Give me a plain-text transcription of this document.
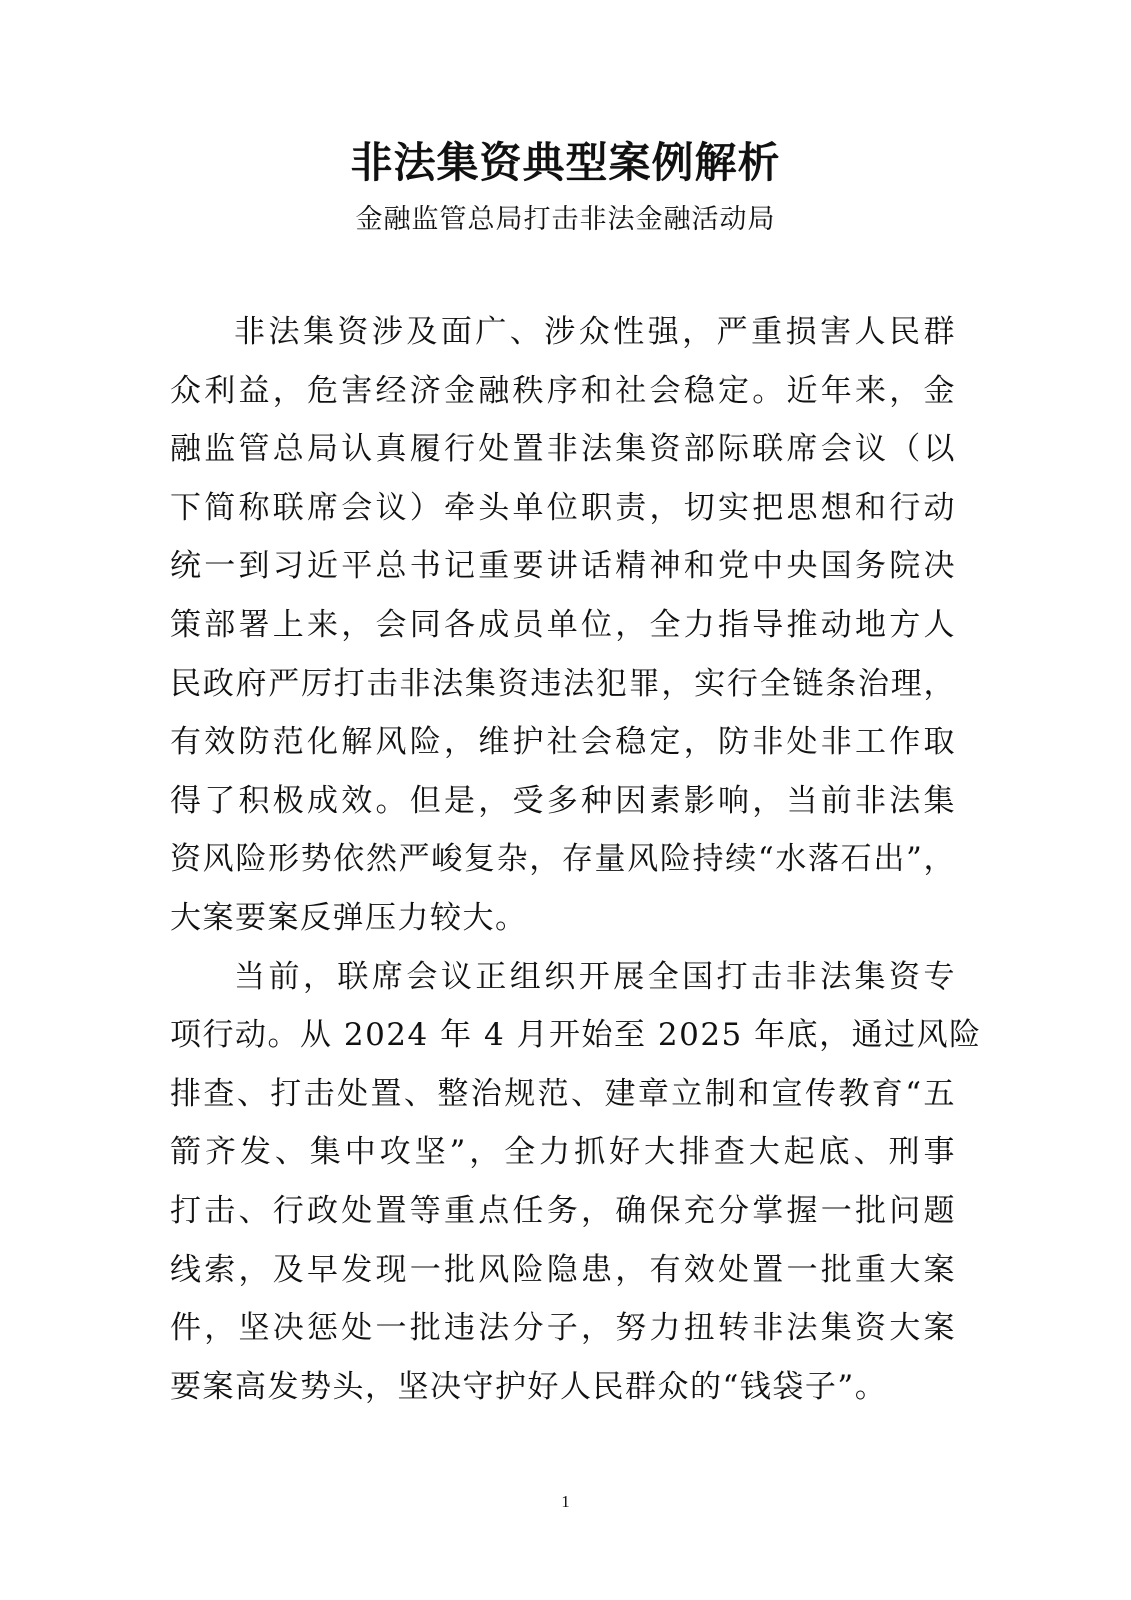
非法集资典型案例解析
金融监管总局打击非法金融活动局
非法集资涉及面广、涉众性强，严重损害人民群
众利益，危害经济金融秩序和社会稳定。近年来，金
融监管总局认真履行处置非法集资部际联席会议（以
下简称联席会议）牵头单位职责，切实把思想和行动
统一到习近平总书记重要讲话精神和党中央国务院决
策部署上来，会同各成员单位，全力指导推动地方人
民政府严厉打击非法集资违法犯罪，实行全链条治理，
有效防范化解风险，维护社会稳定，防非处非工作取
得了积极成效。但是，受多种因素影响，当前非法集
资风险形势依然严峻复杂，存量风险持续“水落石出”，
大案要案反弹压力较大。
当前，联席会议正组织开展全国打击非法集资专
项行动。从 2024 年 4 月开始至 2025 年底，通过风险
排查、打击处置、整治规范、建章立制和宣传教育“五
箭齐发、集中攻坚”，全力抓好大排查大起底、刑事
打击、行政处置等重点任务，确保充分掌握一批问题
线索，及早发现一批风险隐患，有效处置一批重大案
件，坚决惩处一批违法分子，努力扭转非法集资大案
要案高发势头，坚决守护好人民群众的“钱袋子”。
1
